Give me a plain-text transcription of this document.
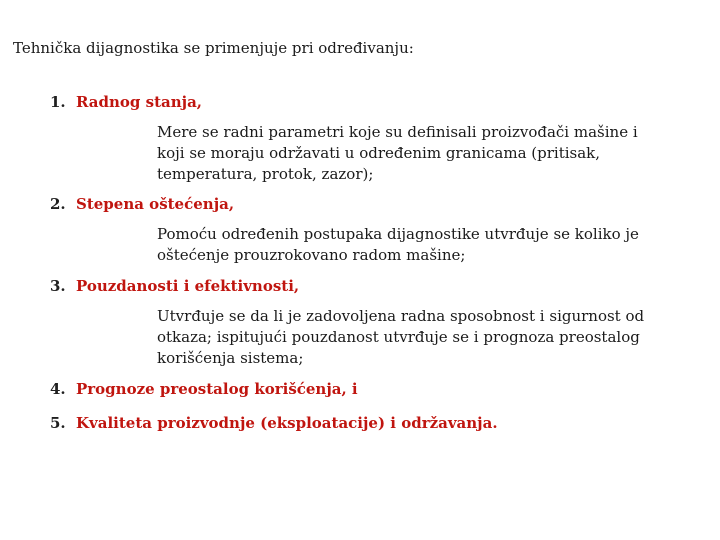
Tehnička dijagnostika se primenjuje pri određivanju:
1. Radnog stanja,
Mere se radni parametri koje su definisali proizvođači mašine i koji se moraju održavati u određenim granicama (pritisak, temperatura, protok, zazor);
2. Stepena oštećenja,
Pomoću određenih postupaka dijagnostike utvrđuje se koliko je oštećenje prouzrokovano radom mašine;
3. Pouzdanosti i efektivnosti,
Utvrđuje se da li je zadovoljena radna sposobnost i sigurnost od otkaza; ispitujući pouzdanost utvrđuje se i prognoza preostalog korišćenja sistema;
4. Prognoze preostalog korišćenja, i
5. Kvaliteta proizvodnje (eksploatacije) i održavanja.
